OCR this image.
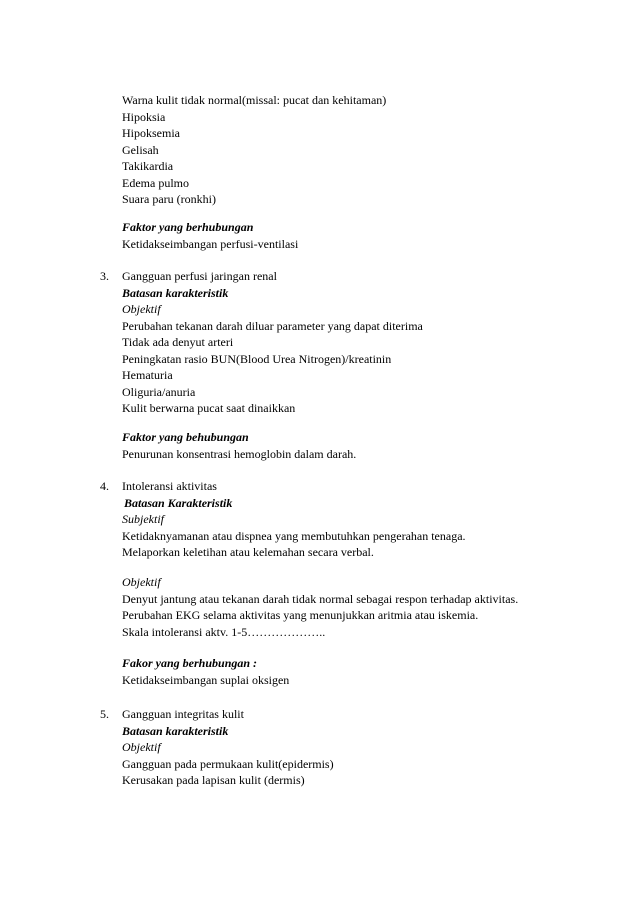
Warna kulit tidak normal(missal: pucat dan kehitaman)
Hipoksia
Hipoksemia
Gelisah
Takikardia
Edema pulmo
Suara paru (ronkhi)
Faktor yang berhubungan
Ketidakseimbangan perfusi-ventilasi
3. Gangguan perfusi jaringan renal
Batasan karakteristik
Objektif
Perubahan tekanan darah diluar parameter yang dapat diterima
Tidak ada denyut arteri
Peningkatan rasio BUN(Blood Urea Nitrogen)/kreatinin
Hematuria
Oliguria/anuria
Kulit berwarna pucat saat dinaikkan
Faktor yang behubungan
Penurunan konsentrasi hemoglobin dalam darah.
4. Intoleransi aktivitas
Batasan Karakteristik
Subjektif
Ketidaknyamanan atau dispnea yang membutuhkan pengerahan tenaga.
Melaporkan keletihan atau kelemahan secara verbal.
Objektif
Denyut jantung atau tekanan darah tidak normal sebagai respon terhadap aktivitas.
Perubahan EKG selama aktivitas yang menunjukkan aritmia atau iskemia.
Skala intoleransi aktv. 1-5………………..
Fakor yang berhubungan :
Ketidakseimbangan suplai oksigen
5. Gangguan integritas kulit
Batasan karakteristik
Objektif
Gangguan pada permukaan kulit(epidermis)
Kerusakan pada lapisan kulit (dermis)
